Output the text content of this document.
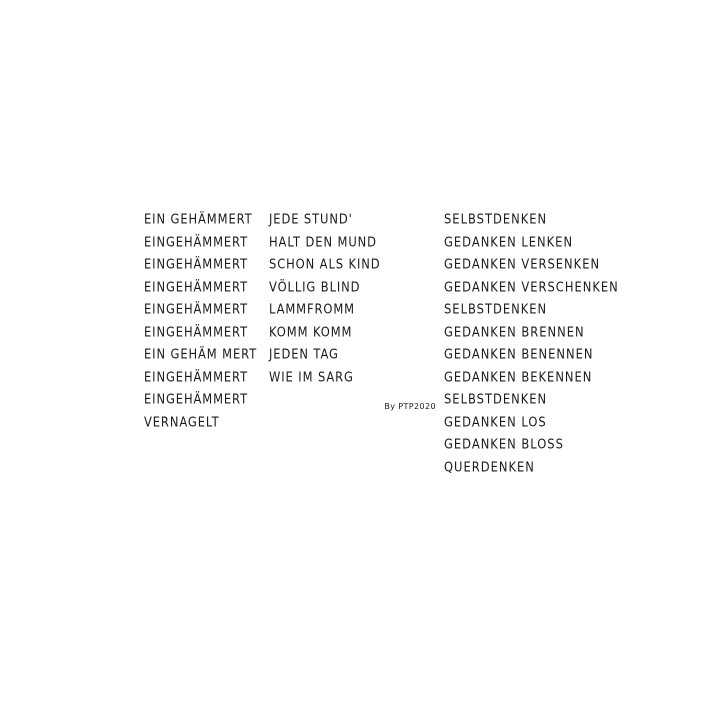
EIN GEHÄMMERT
EINGEHÄMMERT
EINGEHÄMMERT
EINGEHÄMMERT
EINGEHÄMMERT
EINGEHÄMMERT
EIN GEHÄM MERT
EINGEHÄMMERT
EINGEHÄMMERT
VERNAGELT
JEDE STUND'
HALT DEN MUND
SCHON ALS KIND
VÖLLIG BLIND
LAMMFROMM
KOMM KOMM
JEDEN TAG
WIE IM SARG
By PTP2020
SELBSTDENKEN
GEDANKEN LENKEN
GEDANKEN VERSENKEN
GEDANKEN VERSCHENKEN
SELBSTDENKEN
GEDANKEN BRENNEN
GEDANKEN BENENNEN
GEDANKEN BEKENNEN
SELBSTDENKEN
GEDANKEN LOS
GEDANKEN BLOSS
QUERDENKEN
